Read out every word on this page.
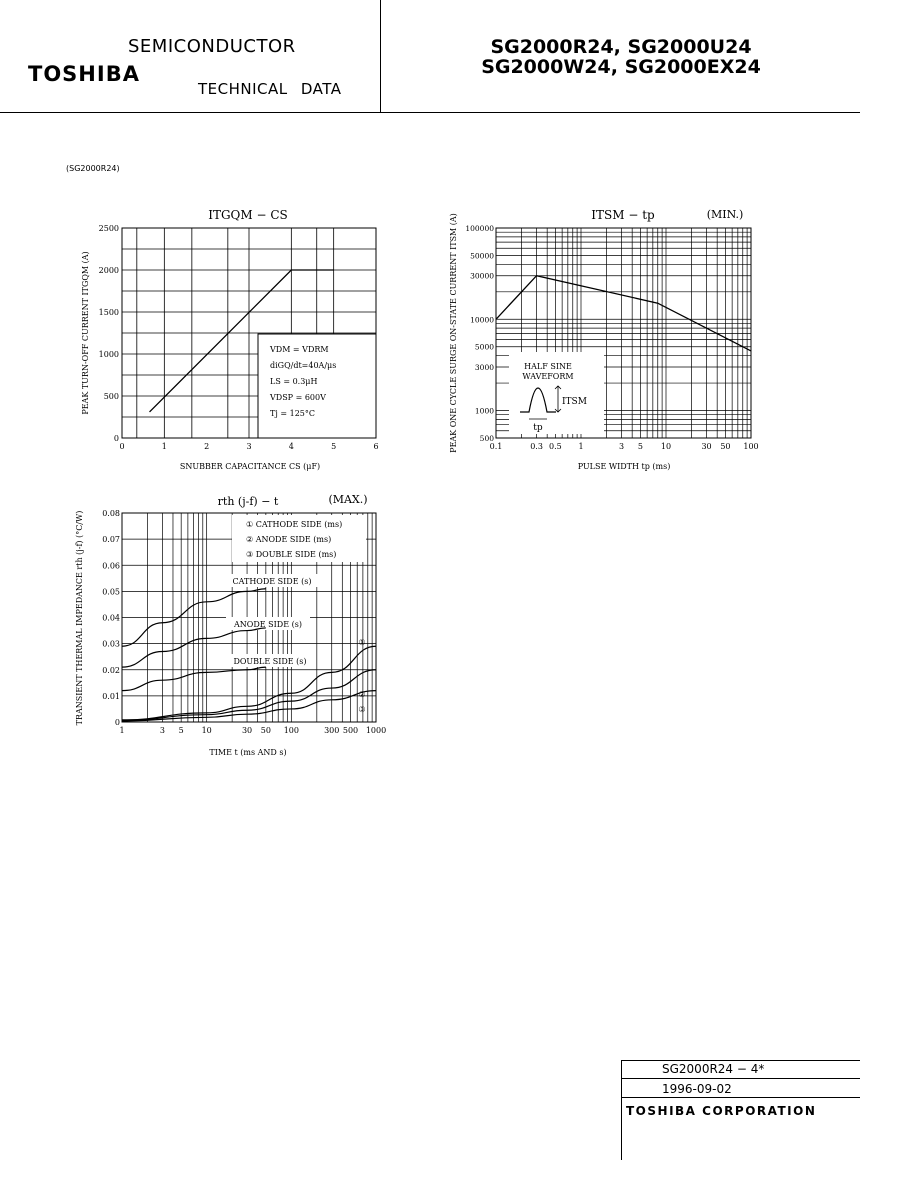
SEMICONDUCTOR
TOSHIBA
TECHNICAL DATA
SG2000R24, SG2000U24
SG2000W24, SG2000EX24
(SG2000R24)
ITGQM − CS
0	1	2	3	4	5	6
0
500
1000
1500
2000
2500
VDM = VDRM
diGQ/dt=40A/μs
LS = 0.3μH
VDSP = 600V
Tj = 125°C
SNUBBER CAPACITANCE CS (μF)
PEAK TURN-OFF CURRENT ITGQM (A)
ITSM − tp	(MIN.)
0.1	0.3 0.5 1	3 5 10	30 50 100
100000
50000
30000
10000
5000
3000
1000
500
HALF SINE
WAVEFORM
ITSM
tp
PULSE WIDTH tp (ms)
PEAK ONE CYCLE SURGE ON-STATE CURRENT ITSM (A)
rth (j-f) − t	(MAX.)
1	3 5 10	30 50 100	300 500 1000
0
0.01
0.02
0.03
0.04
0.05
0.06
0.07
0.08
① CATHODE SIDE (ms)
② ANODE SIDE (ms)
③ DOUBLE SIDE (ms)
CATHODE SIDE (s)
ANODE SIDE (s)
DOUBLE SIDE (s)
①
②
③
TIME t (ms AND s)
TRANSIENT THERMAL IMPEDANCE rth (j-f) (°C/W)
SG2000R24 − 4*
1996-09-02
TOSHIBA CORPORATION
